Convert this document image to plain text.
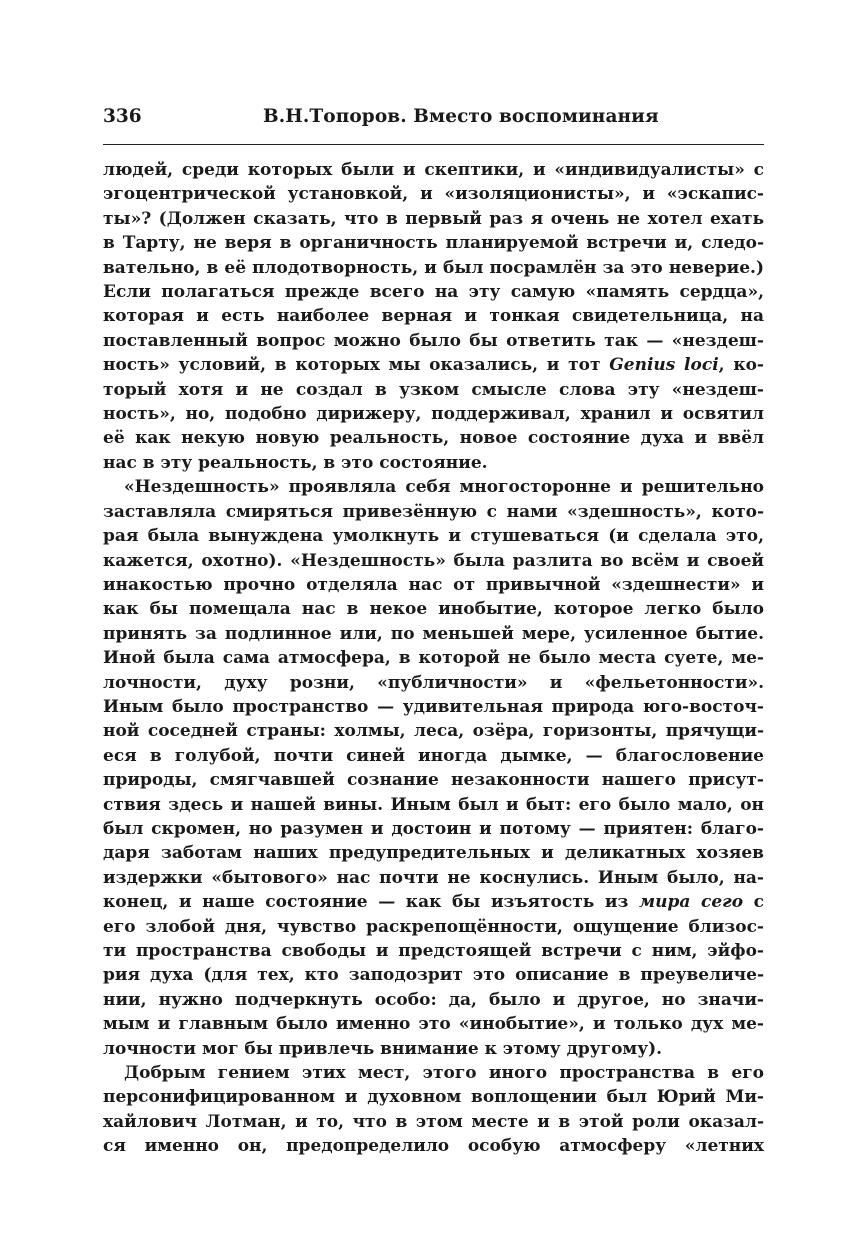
336	В.Н.Топоров. Вместо воспоминания
людей, среди которых были и скептики, и «индивидуалисты» с
эгоцентрической установкой, и «изоляционисты», и «эскапис-
ты»? (Должен сказать, что в первый раз я очень не хотел ехать
в Тарту, не веря в органичность планируемой встречи и, следо-
вательно, в её плодотворность, и был посрамлён за это неверие.)
Если полагаться прежде всего на эту самую «память сердца»,
которая и есть наиболее верная и тонкая свидетельница, на
поставленный вопрос можно было бы ответить так — «нездеш-
ность» условий, в которых мы оказались, и тот Genius loci, ко-
торый хотя и не создал в узком смысле слова эту «нездеш-
ность», но, подобно дирижеру, поддерживал, хранил и освятил
её как некую новую реальность, новое состояние духа и ввёл
нас в эту реальность, в это состояние.
«Нездешность» проявляла себя многосторонне и решительно
заставляла смиряться привезённую с нами «здешность», кото-
рая была вынуждена умолкнуть и стушеваться (и сделала это,
кажется, охотно). «Нездешность» была разлита во всём и своей
инакостью прочно отделяла нас от привычной «здешнести» и
как бы помещала нас в некое инобытие, которое легко было
принять за подлинное или, по меньшей мере, усиленное бытие.
Иной была сама атмосфера, в которой не было места суете, ме-
лочности, духу розни, «публичности» и «фельетонности».
Иным было пространство — удивительная природа юго-восточ-
ной соседней страны: холмы, леса, озёра, горизонты, прячущи-
еся в голубой, почти синей иногда дымке, — благословение
природы, смягчавшей сознание незаконности нашего присут-
ствия здесь и нашей вины. Иным был и быт: его было мало, он
был скромен, но разумен и достоин и потому — приятен: благо-
даря заботам наших предупредительных и деликатных хозяев
издержки «бытового» нас почти не коснулись. Иным было, на-
конец, и наше состояние — как бы изъятость из мира сего с
его злобой дня, чувство раскрепощённости, ощущение близос-
ти пространства свободы и предстоящей встречи с ним, эйфо-
рия духа (для тех, кто заподозрит это описание в преувеличе-
нии, нужно подчеркнуть особо: да, было и другое, но значи-
мым и главным было именно это «инобытие», и только дух ме-
лочности мог бы привлечь внимание к этому другому).
Добрым гением этих мест, этого иного пространства в его
персонифицированном и духовном воплощении был Юрий Ми-
хайлович Лотман, и то, что в этом месте и в этой роли оказал-
ся именно он, предопределило особую атмосферу «летних
